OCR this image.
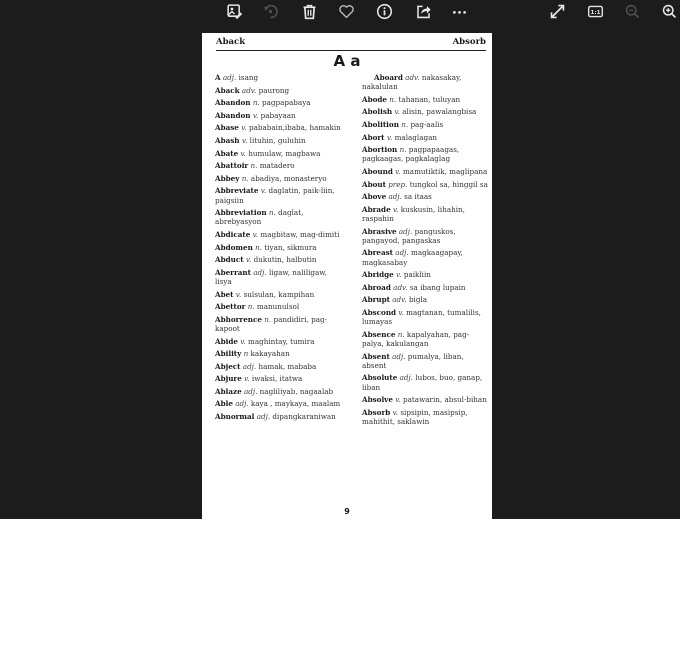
1:1
Aback	Absorb
A a
A adj. isang
Aback adv. paurong
Abandon n. pagpapabaya
Abandon v. pabayaan
Abase v. pababain,ibaba, hamakin
Abash v. lituhin, guluhin
Abate v. humulaw, magbawa
Abattoir n. matadero
Abbey n. abadiya, monasteryo
Abbreviate v. daglatin, paik-liin, paigsiin
Abbreviation n. daglat, abrebyasyon
Abdicate v. magbitaw, mag-dimiti
Abdomen n. tiyan, sikmura
Abduct v. dukutin, halbutin
Aberrant adj. ligaw, naliligaw, lisya
Abet v. sulsulan, kampihan
Abettor n. manunulsol
Abhorrence n. pandidiri, pag-kapoot
Abide v. maghintay, tumira
Ability n kakayahan
Abject adj. hamak, mababa
Abjure v. iwaksi, itatwa
Ablaze adj. nagliliyab, nagaalab
Able adj. kaya , maykaya, maalam
Abnormal adj. dipangkaraniwan
Aboard adv. nakasakay, nakalulan
Abode n. tahanan, tuluyan
Abolish v. alisin, pawalangbisa
Abolition n. pag-aalis
Abort v. malaglagan
Abortion n. pagpapaagas, pagkaagas, pagkalaglag
Abound v. mamutiktik, maglipana
About prep. tungkol sa, hinggil sa
Above adj. sa itaas
Abrade v. kuskusin, lihahin, raspahin
Abrasive adj. panguskos, pangayod, pangaskas
Abreast adj. magkaagapay, magkasabay
Abridge v. paikliin
Abroad adv. sa ibang lupain
Abrupt adv. bigla
Abscond v. magtanan, tumalilis, lumayas
Absence n. kapalyahan, pag-palya, kakulangan
Absent adj. pumalya, liban, absent
Absolute adj. lubos, buo, ganap, liban
Absolve v. patawarin, absul-bihan
Absorb v. sipsipin, masipsip, mahithit, saklawin
9
